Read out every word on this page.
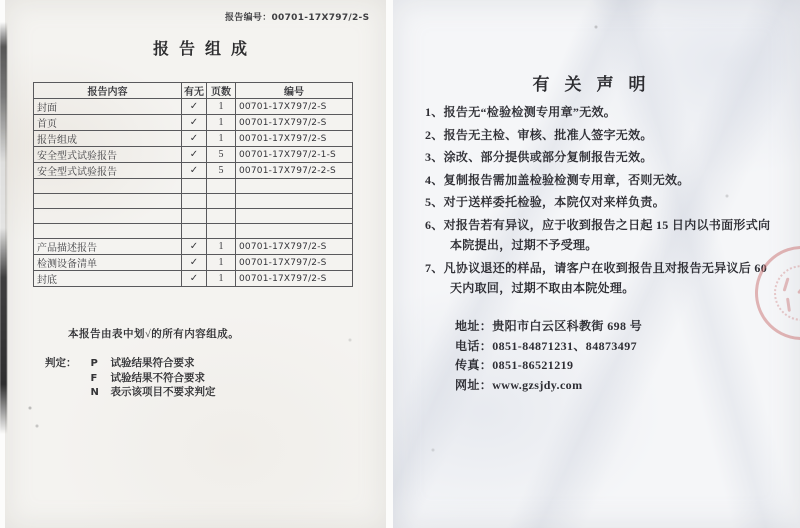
报告编号：00701-17X797/2-S
报告组成
报告内容	有无	页数	编号
封面	✓	1	00701-17X797/2-S
首页	✓	1	00701-17X797/2-S
报告组成	✓	1	00701-17X797/2-S
安全型式试验报告	✓	5	00701-17X797/2-1-S
安全型式试验报告	✓	5	00701-17X797/2-2-S

产品描述报告	✓	1	00701-17X797/2-S
检测设备清单	✓	1	00701-17X797/2-S
封底	✓	1	00701-17X797/2-S
本报告由表中划√的所有内容组成。
判定： P 试验结果符合要求
F 试验结果不符合要求
N 表示该项目不要求判定
有关声明
1、报告无“检验检测专用章”无效。
2、报告无主检、审核、批准人签字无效。
3、涂改、部分提供或部分复制报告无效。
4、复制报告需加盖检验检测专用章，否则无效。
5、对于送样委托检验，本院仅对来样负责。
6、对报告若有异议，应于收到报告之日起 15 日内以书面形式向本院提出，过期不予受理。
7、凡协议退还的样品，请客户在收到报告且对报告无异议后 60 天内取回，过期不取由本院处理。
地址：贵阳市白云区科教街 698 号
电话：0851-84871231、84873497
传真：0851-86521219
网址：www.gzsjdy.com
